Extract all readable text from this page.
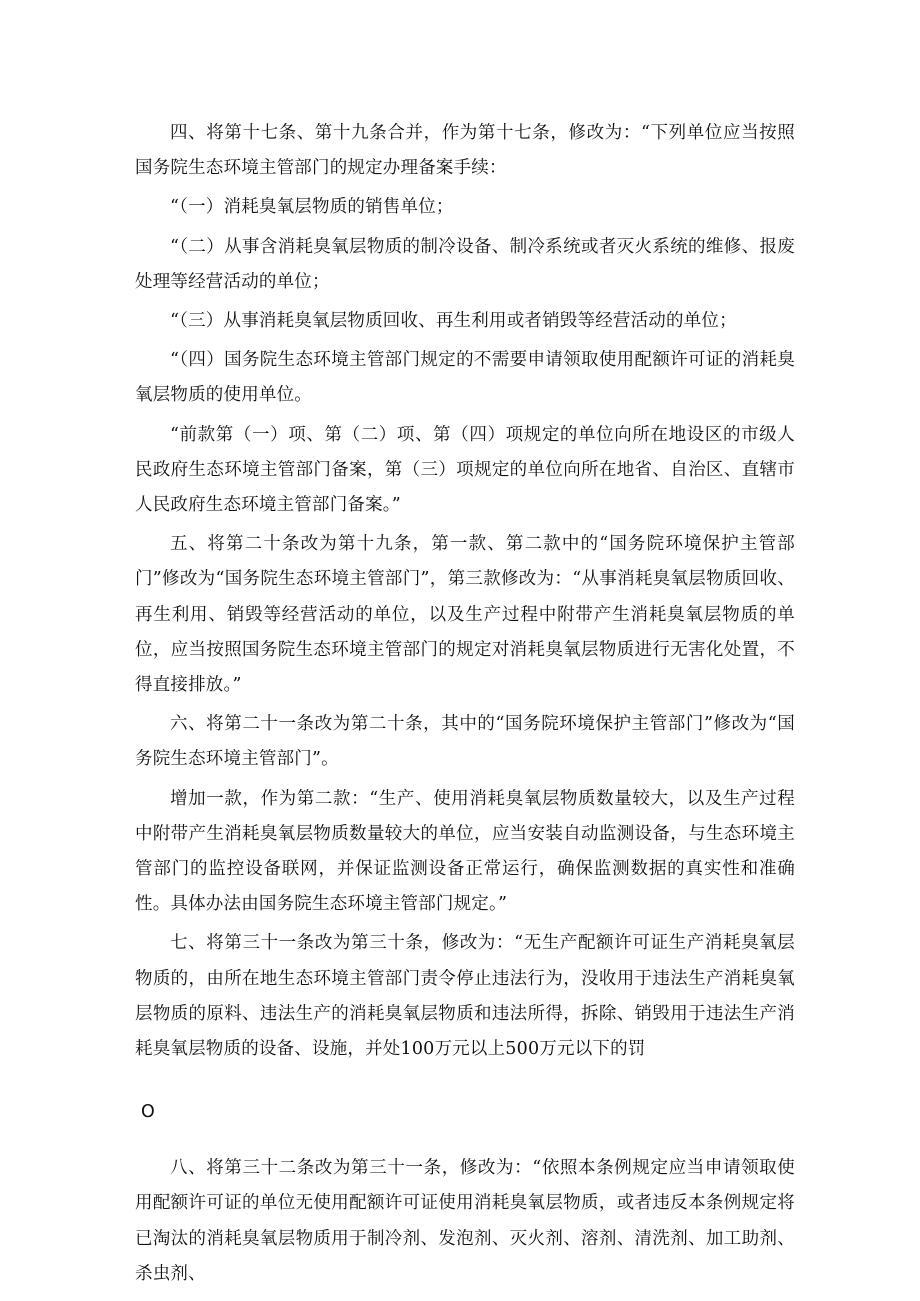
四、将第十七条、第十九条合并，作为第十七条，修改为：“下列单位应当按照国务院生态环境主管部门的规定办理备案手续：

“（一）消耗臭氧层物质的销售单位；

“（二）从事含消耗臭氧层物质的制冷设备、制冷系统或者灭火系统的维修、报废处理等经营活动的单位；

“（三）从事消耗臭氧层物质回收、再生利用或者销毁等经营活动的单位；

“（四）国务院生态环境主管部门规定的不需要申请领取使用配额许可证的消耗臭氧层物质的使用单位。

“前款第（一）项、第（二）项、第（四）项规定的单位向所在地设区的市级人民政府生态环境主管部门备案，第（三）项规定的单位向所在地省、自治区、直辖市人民政府生态环境主管部门备案。”

五、将第二十条改为第十九条，第一款、第二款中的“国务院环境保护主管部门”修改为“国务院生态环境主管部门”，第三款修改为：“从事消耗臭氧层物质回收、再生利用、销毁等经营活动的单位，以及生产过程中附带产生消耗臭氧层物质的单位，应当按照国务院生态环境主管部门的规定对消耗臭氧层物质进行无害化处置，不得直接排放。”

六、将第二十一条改为第二十条，其中的“国务院环境保护主管部门”修改为“国务院生态环境主管部门”。

增加一款，作为第二款：“生产、使用消耗臭氧层物质数量较大，以及生产过程中附带产生消耗臭氧层物质数量较大的单位，应当安装自动监测设备，与生态环境主管部门的监控设备联网，并保证监测设备正常运行，确保监测数据的真实性和准确性。具体办法由国务院生态环境主管部门规定。”

七、将第三十一条改为第三十条，修改为：“无生产配额许可证生产消耗臭氧层物质的，由所在地生态环境主管部门责令停止违法行为，没收用于违法生产消耗臭氧层物质的原料、违法生产的消耗臭氧层物质和违法所得，拆除、销毁用于违法生产消耗臭氧层物质的设备、设施，并处100万元以上500万元以下的罚

O

八、将第三十二条改为第三十一条，修改为：“依照本条例规定应当申请领取使用配额许可证的单位无使用配额许可证使用消耗臭氧层物质，或者违反本条例规定将已淘汰的消耗臭氧层物质用于制冷剂、发泡剂、灭火剂、溶剂、清洗剂、加工助剂、杀虫剂、
